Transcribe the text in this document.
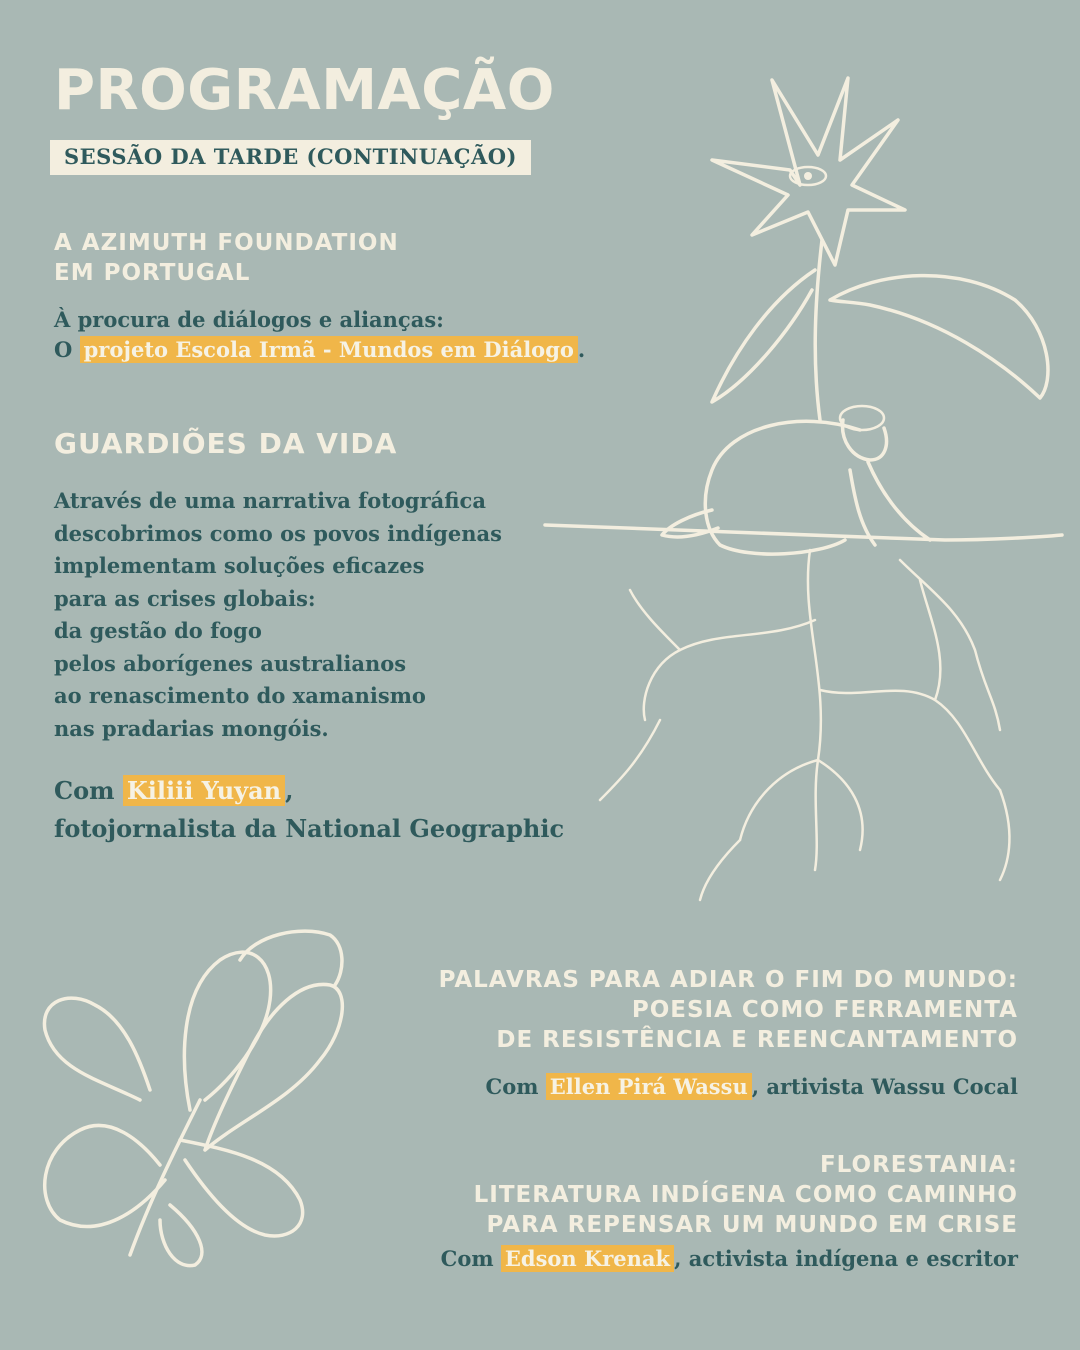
PROGRAMAÇÃO
SESSÃO DA TARDE (CONTINUAÇÃO)
A AZIMUTH FOUNDATION
EM PORTUGAL
À procura de diálogos e alianças:
O projeto Escola Irmã - Mundos em Diálogo .
GUARDIÕES DA VIDA
Através de uma narrativa fotográfica
descobrimos como os povos indígenas
implementam soluções eficazes
para as crises globais:
da gestão do fogo
pelos aborígenes australianos
ao renascimento do xamanismo
nas pradarias mongóis.
Com Kiliii Yuyan ,
fotojornalista da National Geographic
PALAVRAS PARA ADIAR O FIM DO MUNDO:
POESIA COMO FERRAMENTA
DE RESISTÊNCIA E REENCANTAMENTO
Com Ellen Pirá Wassu , artivista Wassu Cocal
FLORESTANIA:
LITERATURA INDÍGENA COMO CAMINHO
PARA REPENSAR UM MUNDO EM CRISE
Com Edson Krenak , activista indígena e escritor
